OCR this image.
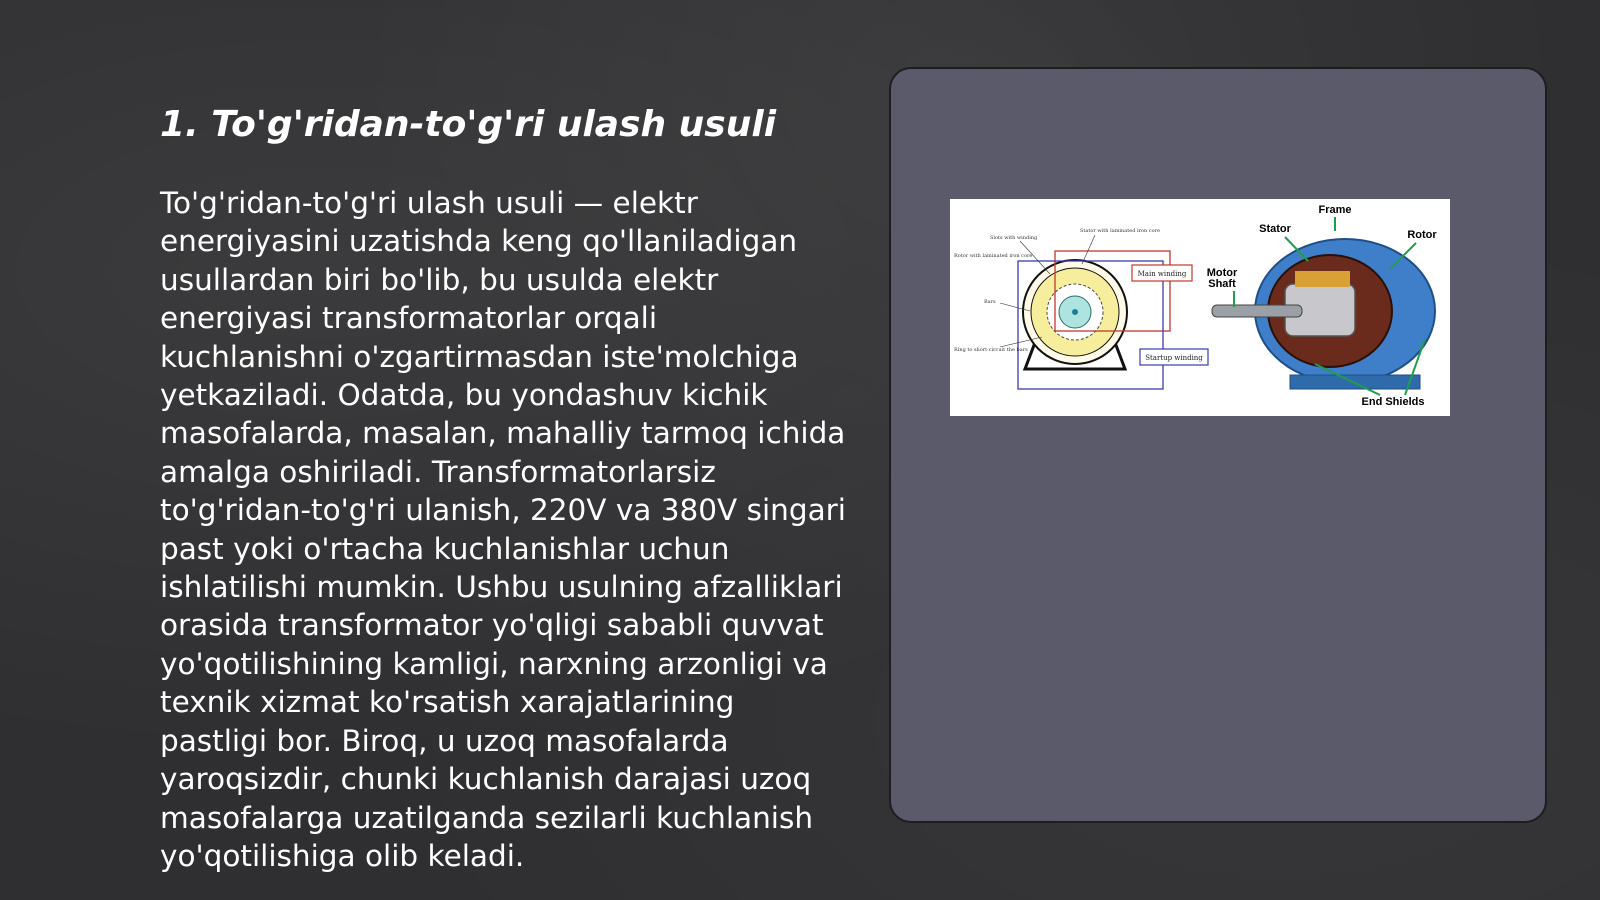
1. To'g'ridan-to'g'ri ulash usuli

To'g'ridan-to'g'ri ulash usuli — elektr energiyasini uzatishda keng qo'llaniladigan usullardan biri bo'lib, bu usulda elektr energiyasi transformatorlar orqali kuchlanishni o'zgartirmasdan iste'molchiga yetkaziladi. Odatda, bu yondashuv kichik masofalarda, masalan, mahalliy tarmoq ichida amalga oshiriladi. Transformatorlarsiz to'g'ridan-to'g'ri ulanish, 220V va 380V singari past yoki o'rtacha kuchlanishlar uchun ishlatilishi mumkin. Ushbu usulning afzalliklari orasida transformator yo'qligi sababli quvvat yo'qotilishining kamligi, narxning arzonligi va texnik xizmat ko'rsatish xarajatlarining pastligi bor. Biroq, u uzoq masofalarda yaroqsizdir, chunki kuchlanish darajasi uzoq masofalarga uzatilganda sezilarli kuchlanish yo'qotilishiga olib keladi.

Main winding
Startup winding
Slots with winding
Stator with laminated iron core
Rotor with laminated iron core
Bars
Ring to short circuit the bars
Frame
Stator	Rotor
Motor
Shaft
End Shields
